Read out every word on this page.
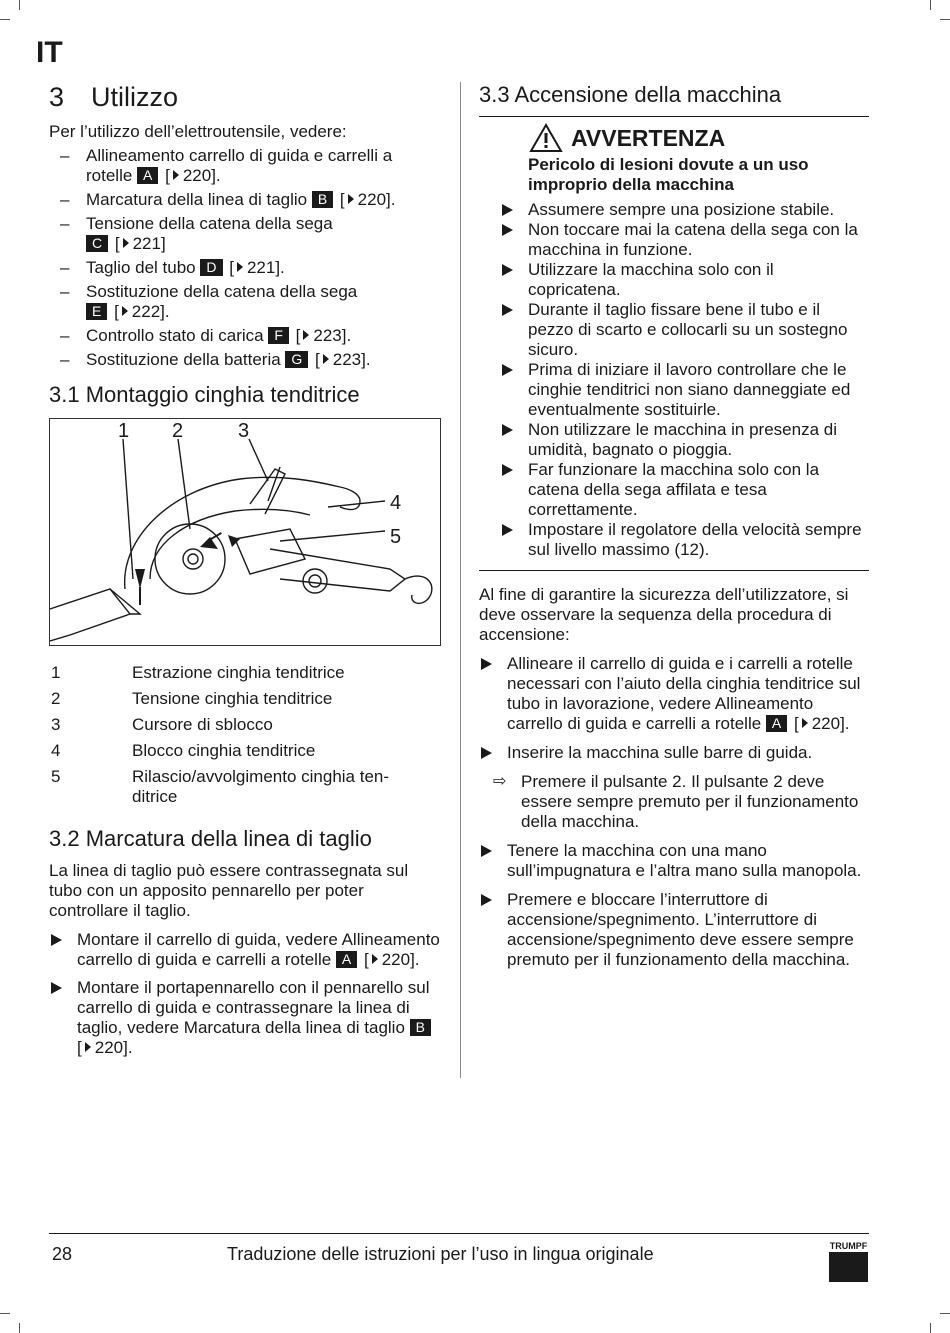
IT
3 Utilizzo

Per l’utilizzo dell’elettroutensile, vedere:

– Allineamento carrello di guida e carrelli a
rotelle A [ 220].
– Marcatura della linea di taglio B [ 220].
– Tensione della catena della sega
C [ 221]
– Taglio del tubo D [ 221].
– Sostituzione della catena della sega
E [ 222].
– Controllo stato di carica F [ 223].
– Sostituzione della batteria G [ 223].
3.1 Montaggio cinghia tenditrice
1 2	3
4
5
1	Estrazione cinghia tenditrice
2	Tensione cinghia tenditrice
3	Cursore di sblocco
4	Blocco cinghia tenditrice
5	Rilascio/avvolgimento cinghia ten-
ditrice
3.2 Marcatura della linea di taglio

La linea di taglio può essere contrassegnata sul tubo con un apposito pennarello per poter controllare il taglio.

Montare il carrello di guida, vedere Allineamento carrello di guida e carrelli a rotelle A [ 220].
Montare il portapennarello con il pennarello sul carrello di guida e contrassegnare la linea di taglio, vedere Marcatura della linea di taglio B [ 220].
3.3 Accensione della macchina
AVVERTENZA
Pericolo di lesioni dovute a un uso improprio della macchina
Assumere sempre una posizione stabile.
Non toccare mai la catena della sega con la macchina in funzione.
Utilizzare la macchina solo con il copricatena.
Durante il taglio fissare bene il tubo e il pezzo di scarto e collocarli su un sostegno sicuro.
Prima di iniziare il lavoro controllare che le cinghie tenditrici non siano danneggiate ed eventualmente sostituirle.
Non utilizzare le macchina in presenza di umidità, bagnato o pioggia.
Far funzionare la macchina solo con la catena della sega affilata e tesa correttamente.
Impostare il regolatore della velocità sempre sul livello massimo (12).

Al fine di garantire la sicurezza dell’utilizzatore, si deve osservare la sequenza della procedura di accensione:

Allineare il carrello di guida e i carrelli a rotelle necessari con l’aiuto della cinghia tenditrice sul tubo in lavorazione, vedere Allineamento carrello di guida e carrelli a rotelle A [ 220].
Inserire la macchina sulle barre di guida.
⇨ Premere il pulsante 2. Il pulsante 2 deve essere sempre premuto per il funzionamento della macchina.
Tenere la macchina con una mano sull’impugnatura e l’altra mano sulla manopola.
Premere e bloccare l’interruttore di accensione/spegnimento. L’interruttore di accensione/spegnimento deve essere sempre premuto per il funzionamento della macchina.
28	Traduzione delle istruzioni per l’uso in lingua originale	TRUMPF
